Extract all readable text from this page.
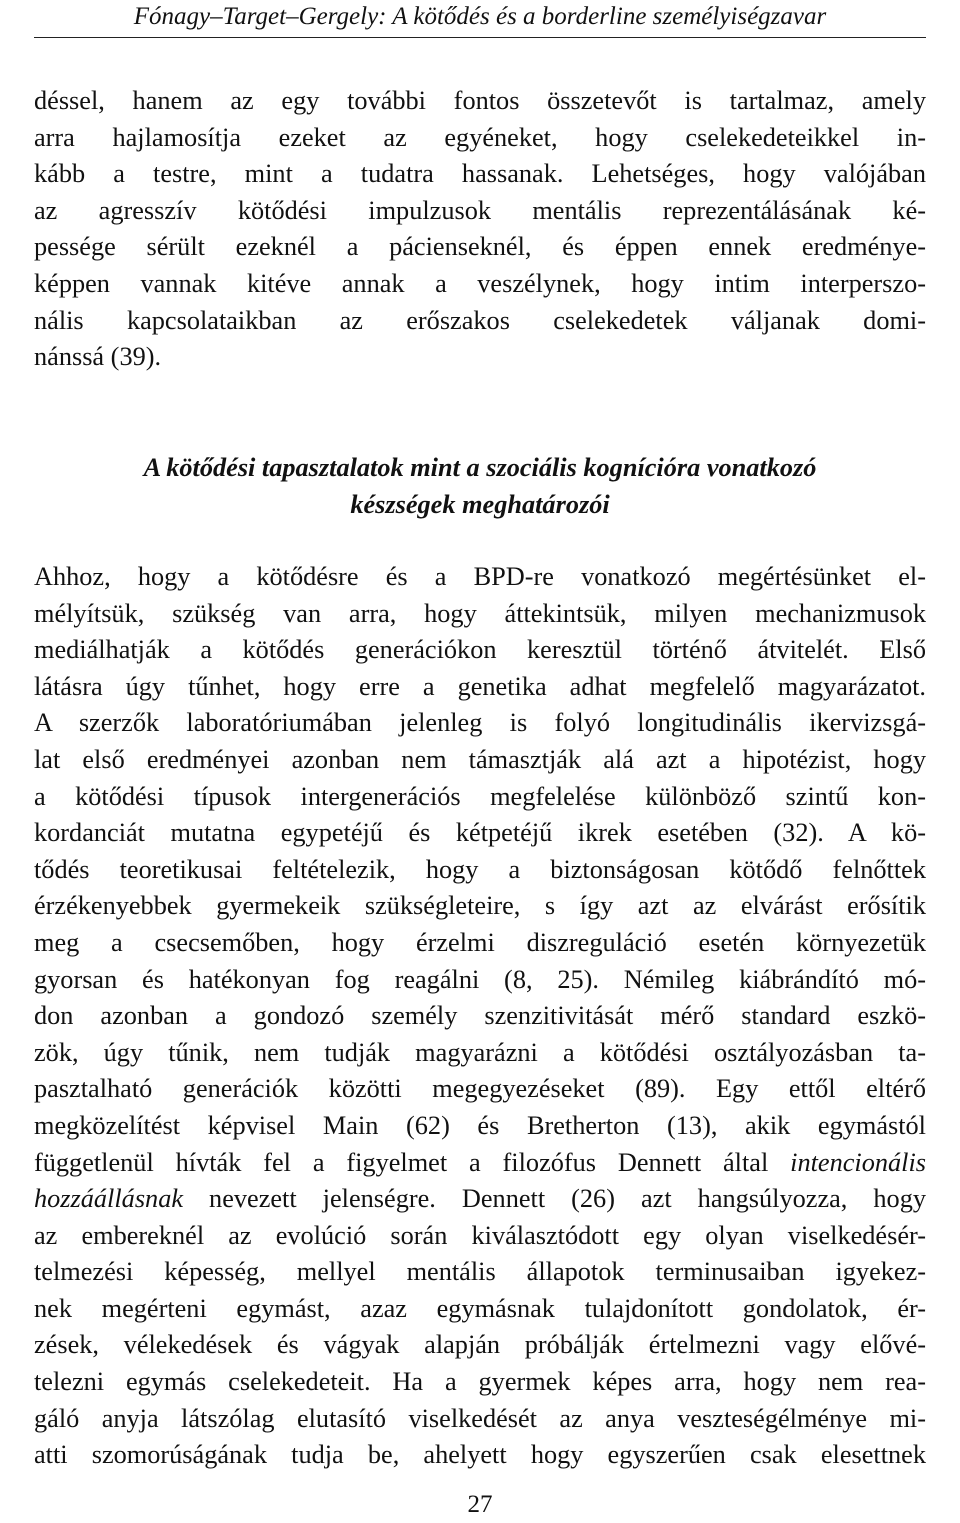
Fónagy–Target–Gergely: A kötődés és a borderline személyiségzavar
déssel, hanem az egy további fontos összetevőt is tartalmaz, amely
arra hajlamosítja ezeket az egyéneket, hogy cselekedeteikkel in-
kább a testre, mint a tudatra hassanak. Lehetséges, hogy valójában
az agresszív kötődési impulzusok mentális reprezentálásának ké-
pessége sérült ezeknél a pácienseknél, és éppen ennek eredménye-
képpen vannak kitéve annak a veszélynek, hogy intim interperszo-
nális kapcsolataikban az erőszakos cselekedetek váljanak domi-
nánssá (39).
A kötődési tapasztalatok mint a szociális kognícióra vonatkozó
készségek meghatározói
Ahhoz, hogy a kötődésre és a BPD-re vonatkozó megértésünket el-
mélyítsük, szükség van arra, hogy áttekintsük, milyen mechanizmusok
mediálhatják a kötődés generációkon keresztül történő átvitelét. Első
látásra úgy tűnhet, hogy erre a genetika adhat megfelelő magyarázatot.
A szerzők laboratóriumában jelenleg is folyó longitudinális ikervizsgá-
lat első eredményei azonban nem támasztják alá azt a hipotézist, hogy
a kötődési típusok intergenerációs megfelelése különböző szintű kon-
kordanciát mutatna egypetéjű és kétpetéjű ikrek esetében (32). A kö-
tődés teoretikusai feltételezik, hogy a biztonságosan kötődő felnőttek
érzékenyebbek gyermekeik szükségleteire, s így azt az elvárást erősítik
meg a csecsemőben, hogy érzelmi diszreguláció esetén környezetük
gyorsan és hatékonyan fog reagálni (8, 25). Némileg kiábrándító mó-
don azonban a gondozó személy szenzitivitását mérő standard eszkö-
zök, úgy tűnik, nem tudják magyarázni a kötődési osztályozásban ta-
pasztalható generációk közötti megegyezéseket (89). Egy ettől eltérő
megközelítést képvisel Main (62) és Bretherton (13), akik egymástól
függetlenül hívták fel a figyelmet a filozófus Dennett által intencionális
hozzáállásnak nevezett jelenségre. Dennett (26) azt hangsúlyozza, hogy
az embereknél az evolúció során kiválasztódott egy olyan viselkedésér-
telmezési képesség, mellyel mentális állapotok terminusaiban igyekez-
nek megérteni egymást, azaz egymásnak tulajdonított gondolatok, ér-
zések, vélekedések és vágyak alapján próbálják értelmezni vagy elővé-
telezni egymás cselekedeteit. Ha a gyermek képes arra, hogy nem rea-
gáló anyja látszólag elutasító viselkedését az anya veszteségélménye mi-
atti szomorúságának tudja be, ahelyett hogy egyszerűen csak elesettnek
27
